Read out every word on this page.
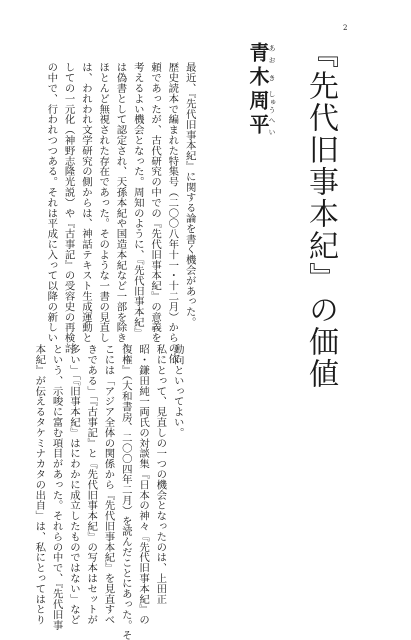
2
『先代旧事本紀』の価値
青あお木き周しゅう平へい
最近、『先代旧事本紀』に関する論を書く機会があった。
歴史読本で編まれた特集号（二〇〇八年十一・十二月）からの依
頼であったが、古代研究の中での『先代旧事本紀』の意義を
考えるよい機会となった。周知のように、『先代旧事本紀』
は偽書として認定され、天孫本紀や国造本紀など一部を除き、
ほとんど無視された存在であった。そのような一書の見直し
は、われわれ文学研究の側からは、神話テキスト生成運動と
しての一元化（神野志隆光説）や『古事記』の受容史の再検討
の中で、行われつつある。それは平成に入って以降の新しい
動向といってよい。
私にとって、見直しの一つの機会となったのは、上田正
昭・鎌田純一両氏の対談集『日本の神々『先代旧事本紀』の
復権』（大和書房、二〇〇四年二月）を読んだことにあった。そ
こには「アジア全体の関係から『先代旧事本紀』を見直すべ
きである」「『古事記』と『先代旧事本紀』の写本はセットが
多い」「『旧事本紀』はにわかに成立したものではない」など
という、示唆に富む項目があった。それらの中で、『先代旧事
本紀』が伝えるタケミナカタの出自」は、私にとってはとり
